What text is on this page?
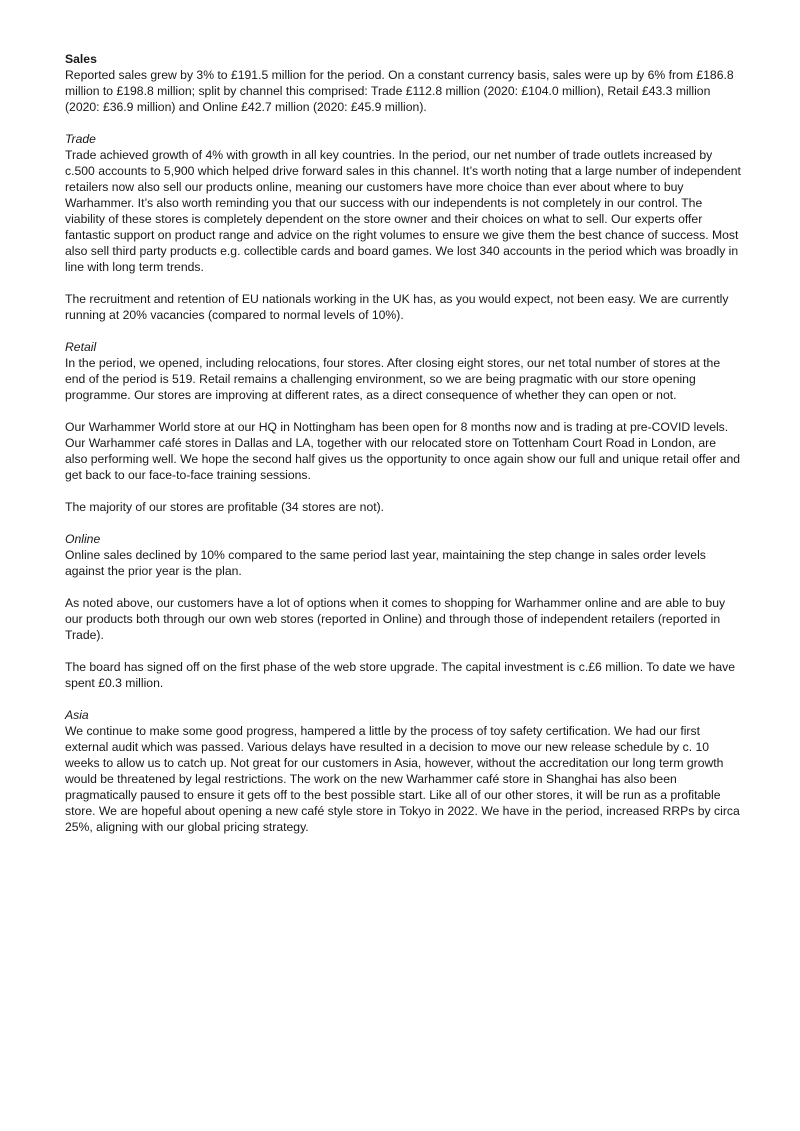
Sales

Reported sales grew by 3% to £191.5 million for the period. On a constant currency basis, sales were up by 6% from £186.8 million to £198.8 million; split by channel this comprised: Trade £112.8 million (2020: £104.0 million), Retail £43.3 million (2020: £36.9 million) and Online £42.7 million (2020: £45.9 million).

Trade

Trade achieved growth of 4% with growth in all key countries. In the period, our net number of trade outlets increased by c.500 accounts to 5,900 which helped drive forward sales in this channel. It’s worth noting that a large number of independent retailers now also sell our products online, meaning our customers have more choice than ever about where to buy Warhammer. It’s also worth reminding you that our success with our independents is not completely in our control. The viability of these stores is completely dependent on the store owner and their choices on what to sell. Our experts offer fantastic support on product range and advice on the right volumes to ensure we give them the best chance of success. Most also sell third party products e.g. collectible cards and board games. We lost 340 accounts in the period which was broadly in line with long term trends.

The recruitment and retention of EU nationals working in the UK has, as you would expect, not been easy. We are currently running at 20% vacancies (compared to normal levels of 10%).

Retail

In the period, we opened, including relocations, four stores. After closing eight stores, our net total number of stores at the end of the period is 519. Retail remains a challenging environment, so we are being pragmatic with our store opening programme. Our stores are improving at different rates, as a direct consequence of whether they can open or not.

Our Warhammer World store at our HQ in Nottingham has been open for 8 months now and is trading at pre-COVID levels. Our Warhammer café stores in Dallas and LA, together with our relocated store on Tottenham Court Road in London, are also performing well. We hope the second half gives us the opportunity to once again show our full and unique retail offer and get back to our face-to-face training sessions.

The majority of our stores are profitable (34 stores are not).

Online

Online sales declined by 10% compared to the same period last year, maintaining the step change in sales order levels against the prior year is the plan.

As noted above, our customers have a lot of options when it comes to shopping for Warhammer online and are able to buy our products both through our own web stores (reported in Online) and through those of independent retailers (reported in Trade).

The board has signed off on the first phase of the web store upgrade. The capital investment is c.£6 million. To date we have spent £0.3 million.

Asia

We continue to make some good progress, hampered a little by the process of toy safety certification. We had our first external audit which was passed. Various delays have resulted in a decision to move our new release schedule by c. 10 weeks to allow us to catch up. Not great for our customers in Asia, however, without the accreditation our long term growth would be threatened by legal restrictions. The work on the new Warhammer café store in Shanghai has also been pragmatically paused to ensure it gets off to the best possible start. Like all of our other stores, it will be run as a profitable store. We are hopeful about opening a new café style store in Tokyo in 2022. We have in the period, increased RRPs by circa 25%, aligning with our global pricing strategy.
